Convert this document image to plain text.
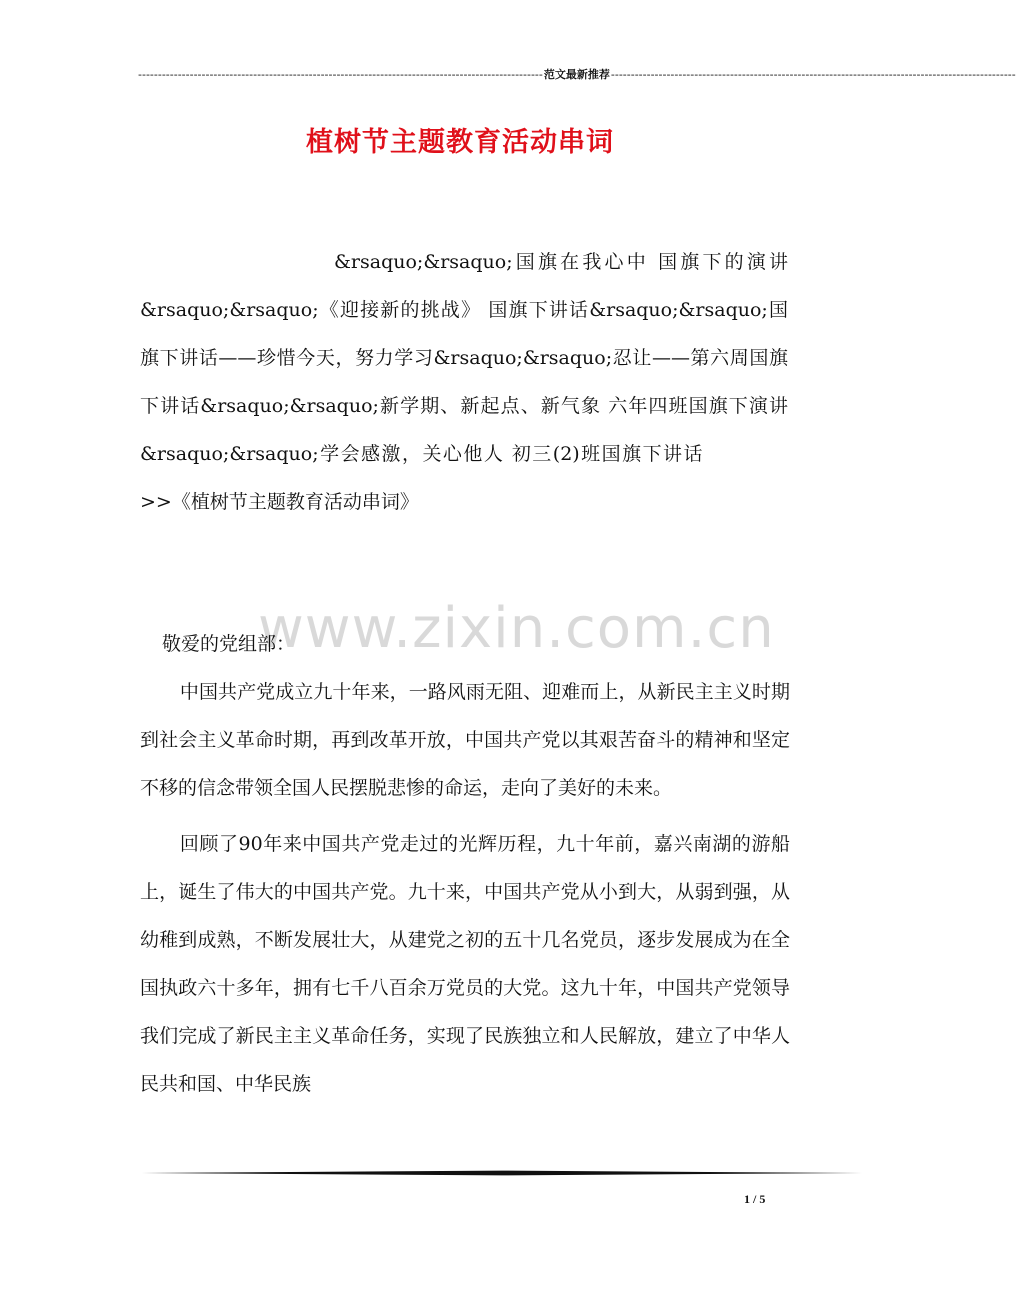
------------------------------------------------------------------------------------------------------ 范文最新推荐 ------------------------------------------------------------------------------------------------------
植树节主题教育活动串词
&rsaquo;&rsaquo;国旗在我心中 国旗下的演讲&rsaquo;&rsaquo;《迎接新的挑战》 国旗下讲话&rsaquo;&rsaquo;国旗下讲话——珍惜今天，努力学习&rsaquo;&rsaquo;忍让——第六周国旗下讲话&rsaquo;&rsaquo;新学期、新起点、新气象 六年四班国旗下演讲&rsaquo;&rsaquo;学会感激，关心他人 初三(2)班国旗下讲话>>《植树节主题教育活动串词》
www.zixin.com.cn
敬爱的党组部：

中国共产党成立九十年来，一路风雨无阻、迎难而上，从新民主主义时期到社会主义革命时期，再到改革开放，中国共产党以其艰苦奋斗的精神和坚定不移的信念带领全国人民摆脱悲惨的命运，走向了美好的未来。

回顾了90年来中国共产党走过的光辉历程，九十年前，嘉兴南湖的游船上，诞生了伟大的中国共产党。九十来，中国共产党从小到大，从弱到强，从幼稚到成熟，不断发展壮大，从建党之初的五十几名党员，逐步发展成为在全国执政六十多年，拥有七千八百余万党员的大党。这九十年，中国共产党领导我们完成了新民主主义革命任务，实现了民族独立和人民解放，建立了中华人民共和国、中华民族

1 / 5
